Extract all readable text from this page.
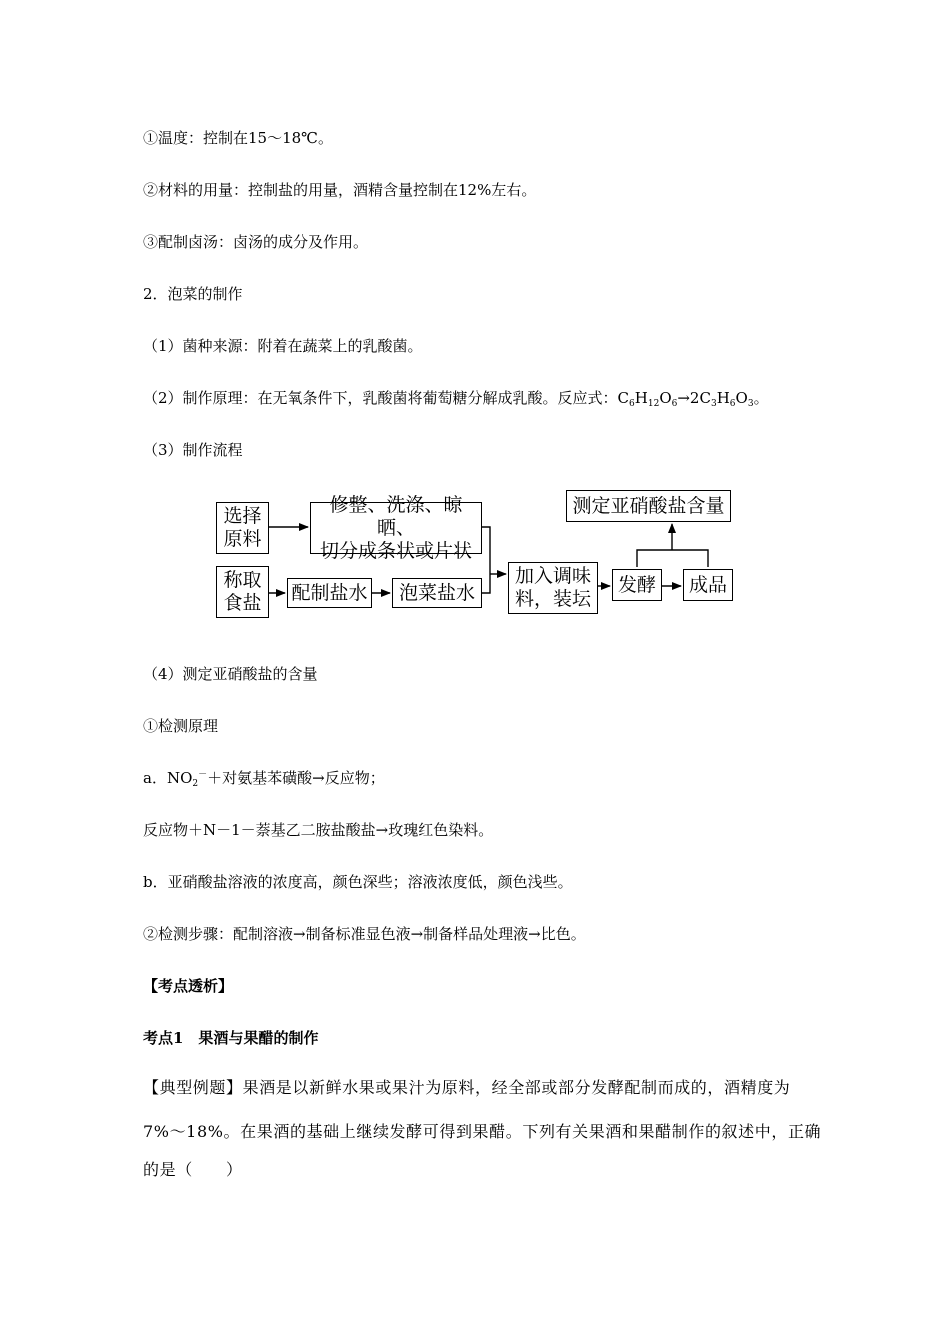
①温度：控制在15～18℃。
②材料的用量：控制盐的用量，酒精含量控制在12%左右。
③配制卤汤：卤汤的成分及作用。
2．泡菜的制作
（1）菌种来源：附着在蔬菜上的乳酸菌。
（2）制作原理：在无氧条件下，乳酸菌将葡萄糖分解成乳酸。反应式：$C_6H_{12}O_6\to 2C_3H_6O_3$。
（3）制作流程
选择
原料
修整、洗涤、晾晒、
切分成条状或片状
称取
食盐 配制盐水	泡菜盐水
加入调味
料，装坛
发酵	成品
测定亚硝酸盐含量
（4）测定亚硝酸盐的含量
①检测原理
a．$NO_2^-+$对氨基苯磺酸→反应物；
反应物＋N－1－萘基乙二胺盐酸盐→玫瑰红色染料。
b．亚硝酸盐溶液的浓度高，颜色深些；溶液浓度低，颜色浅些。
②检测步骤：配制溶液→制备标准显色液→制备样品处理液→比色。
【考点透析】
考点1　果酒与果醋的制作
【典型例题】果酒是以新鲜水果或果汁为原料，经全部或部分发酵配制而成的，酒精度为
7%～18%。在果酒的基础上继续发酵可得到果醋。下列有关果酒和果醋制作的叙述中，正确
的是（　　）
